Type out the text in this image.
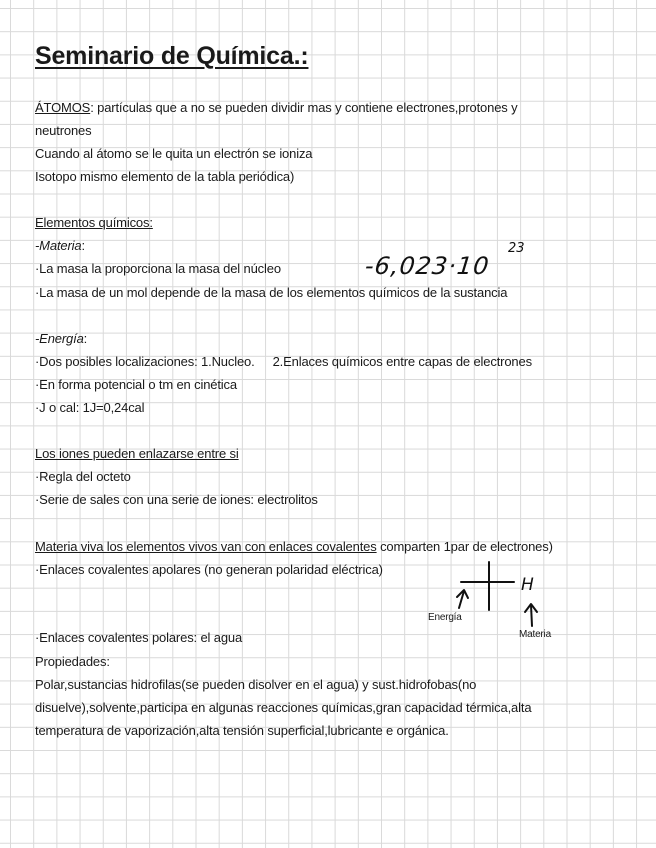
Seminario de Química.:
ÁTOMOS: partículas que a no se pueden dividir mas y contiene electrones,protones y
neutrones
Cuando al átomo se le quita un electrón se ioniza
Isotopo mismo elemento de la tabla periódica)
Elementos químicos:
-Materia:
·La masa la proporciona la masa del núcleo
·La masa de un mol depende de la masa de los elementos químicos de la sustancia
-Energía:
·Dos posibles localizaciones: 1.Nucleo. 2.Enlaces químicos entre capas de electrones
·En forma potencial o tm en cinética
·J o cal: 1J=0,24cal
Los iones pueden enlazarse entre si
·Regla del octeto
·Serie de sales con una serie de iones: electrolitos
Materia viva los elementos vivos van con enlaces covalentes comparten 1par de electrones)
·Enlaces covalentes apolares (no generan polaridad eléctrica)
·Enlaces covalentes polares: el agua
Propiedades:
Polar,sustancias hidrofilas(se pueden disolver en el agua) y sust.hidrofobas(no
disuelve),solvente,participa en algunas reacciones químicas,gran capacidad térmica,alta
temperatura de vaporización,alta tensión superficial,lubricante e orgánica.
-6,023·10
23
H
Energía
Materia
